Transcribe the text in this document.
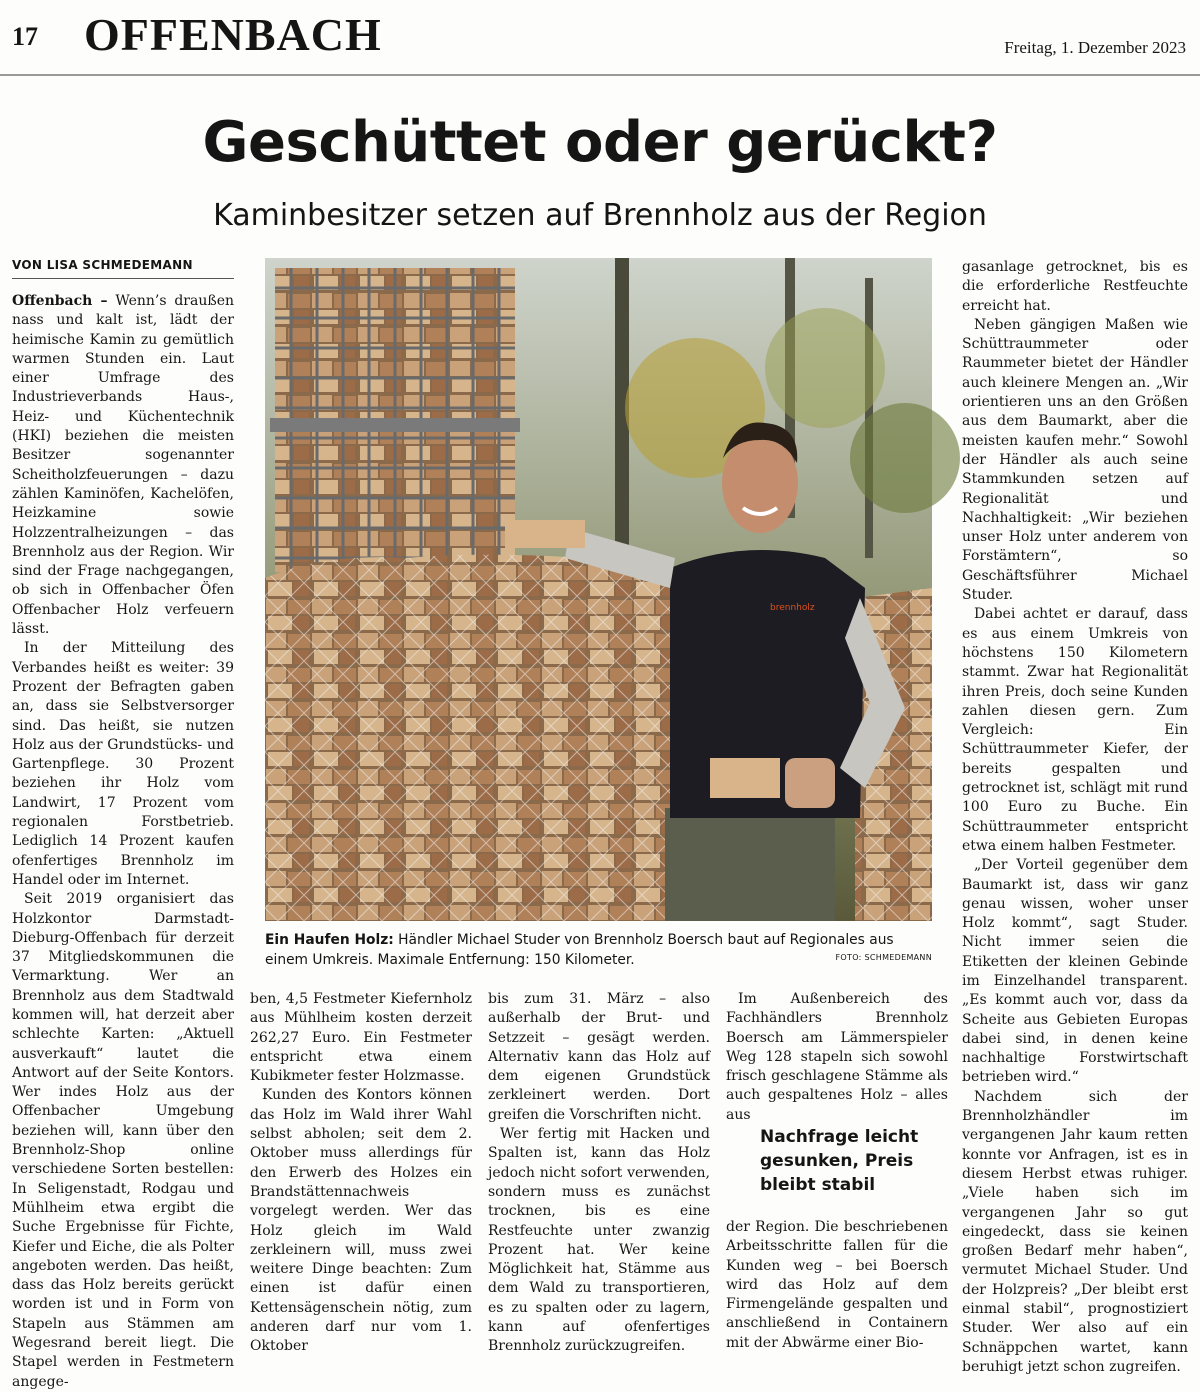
17 OFFENBACH	Freitag, 1. Dezember 2023
Geschüttet oder gerückt?
Kaminbesitzer setzen auf Brennholz aus der Region
VON LISA SCHMEDEMANN

Offenbach – Wenn’s draußen nass und kalt ist, lädt der heimische Kamin zu gemütlich warmen Stunden ein. Laut einer Umfrage des Industrieverbands Haus-, Heiz- und Küchentechnik (HKI) beziehen die meisten Besitzer sogenannter Scheitholzfeuerungen – dazu zählen Kaminöfen, Kachelöfen, Heizkamine sowie Holzzentralheizungen – das Brennholz aus der Region. Wir sind der Frage nachgegangen, ob sich in Offenbacher Öfen Offenbacher Holz verfeuern lässt.

In der Mitteilung des Verbandes heißt es weiter: 39 Prozent der Befragten gaben an, dass sie Selbstversorger sind. Das heißt, sie nutzen Holz aus der Grundstücks- und Gartenpflege. 30 Prozent beziehen ihr Holz vom Landwirt, 17 Prozent vom regionalen Forstbetrieb. Lediglich 14 Prozent kaufen ofenfertiges Brennholz im Handel oder im Internet.

Seit 2019 organisiert das Holzkontor Darmstadt-Dieburg-Offenbach für derzeit 37 Mitgliedskommunen die Vermarktung. Wer an Brennholz aus dem Stadtwald kommen will, hat derzeit aber schlechte Karten: „Aktuell ausverkauft“ lautet die Antwort auf der Seite Kontors. Wer indes Holz aus der Offenbacher Umgebung beziehen will, kann über den Brennholz-Shop online verschiedene Sorten bestellen: In Seligenstadt, Rodgau und Mühlheim etwa ergibt die Suche Ergebnisse für Fichte, Kiefer und Eiche, die als Polter angeboten werden. Das heißt, dass das Holz bereits gerückt worden ist und in Form von Stapeln aus Stämmen am Wegesrand bereit liegt. Die Stapel werden in Festmetern angege-

brennholz
Ein Haufen Holz: Händler Michael Studer von Brennholz Boersch baut auf Regionales aus einem Umkreis. Maximale Entfernung: 150 Kilometer.	FOTO: SCHMEDEMANN

ben, 4,5 Festmeter Kiefernholz aus Mühlheim kosten derzeit 262,27 Euro. Ein Festmeter entspricht etwa einem Kubikmeter fester Holzmasse.

Kunden des Kontors können das Holz im Wald ihrer Wahl selbst abholen; seit dem 2. Oktober muss allerdings für den Erwerb des Holzes ein Brandstättennachweis vorgelegt werden. Wer das Holz gleich im Wald zerkleinern will, muss zwei weitere Dinge beachten: Zum einen ist dafür einen Kettensägenschein nötig, zum anderen darf nur vom 1. Oktober

bis zum 31. März – also außerhalb der Brut- und Setzzeit – gesägt werden. Alternativ kann das Holz auf dem eigenen Grundstück zerkleinert werden. Dort greifen die Vorschriften nicht.

Wer fertig mit Hacken und Spalten ist, kann das Holz jedoch nicht sofort verwenden, sondern muss es zunächst trocknen, bis es eine Restfeuchte unter zwanzig Prozent hat. Wer keine Möglichkeit hat, Stämme aus dem Wald zu transportieren, es zu spalten oder zu lagern, kann auf ofenfertiges Brennholz zurückzugreifen.

Im Außenbereich des Fachhändlers Brennholz Boersch am Lämmerspieler Weg 128 stapeln sich sowohl frisch geschlagene Stämme als auch gespaltenes Holz – alles aus

Nachfrage leicht gesunken, Preis bleibt stabil

der Region. Die beschriebenen Arbeitsschritte fallen für die Kunden weg – bei Boersch wird das Holz auf dem Firmengelände gespalten und anschließend in Containern mit der Abwärme einer Bio-

gasanlage getrocknet, bis es die erforderliche Restfeuchte erreicht hat.

Neben gängigen Maßen wie Schüttraummeter oder Raummeter bietet der Händler auch kleinere Mengen an. „Wir orientieren uns an den Größen aus dem Baumarkt, aber die meisten kaufen mehr.“ Sowohl der Händler als auch seine Stammkunden setzen auf Regionalität und Nachhaltigkeit: „Wir beziehen unser Holz unter anderem von Forstämtern“, so Geschäftsführer Michael Studer.

Dabei achtet er darauf, dass es aus einem Umkreis von höchstens 150 Kilometern stammt. Zwar hat Regionalität ihren Preis, doch seine Kunden zahlen diesen gern. Zum Vergleich: Ein Schüttraummeter Kiefer, der bereits gespalten und getrocknet ist, schlägt mit rund 100 Euro zu Buche. Ein Schüttraummeter entspricht etwa einem halben Festmeter.

„Der Vorteil gegenüber dem Baumarkt ist, dass wir ganz genau wissen, woher unser Holz kommt“, sagt Studer. Nicht immer seien die Etiketten der kleinen Gebinde im Einzelhandel transparent. „Es kommt auch vor, dass da Scheite aus Gebieten Europas dabei sind, in denen keine nachhaltige Forstwirtschaft betrieben wird.“

Nachdem sich der Brennholzhändler im vergangenen Jahr kaum retten konnte vor Anfragen, ist es in diesem Herbst etwas ruhiger. „Viele haben sich im vergangenen Jahr so gut eingedeckt, dass sie keinen großen Bedarf mehr haben“, vermutet Michael Studer. Und der Holzpreis? „Der bleibt erst einmal stabil“, prognostiziert Studer. Wer also auf ein Schnäppchen wartet, kann beruhigt jetzt schon zugreifen.
